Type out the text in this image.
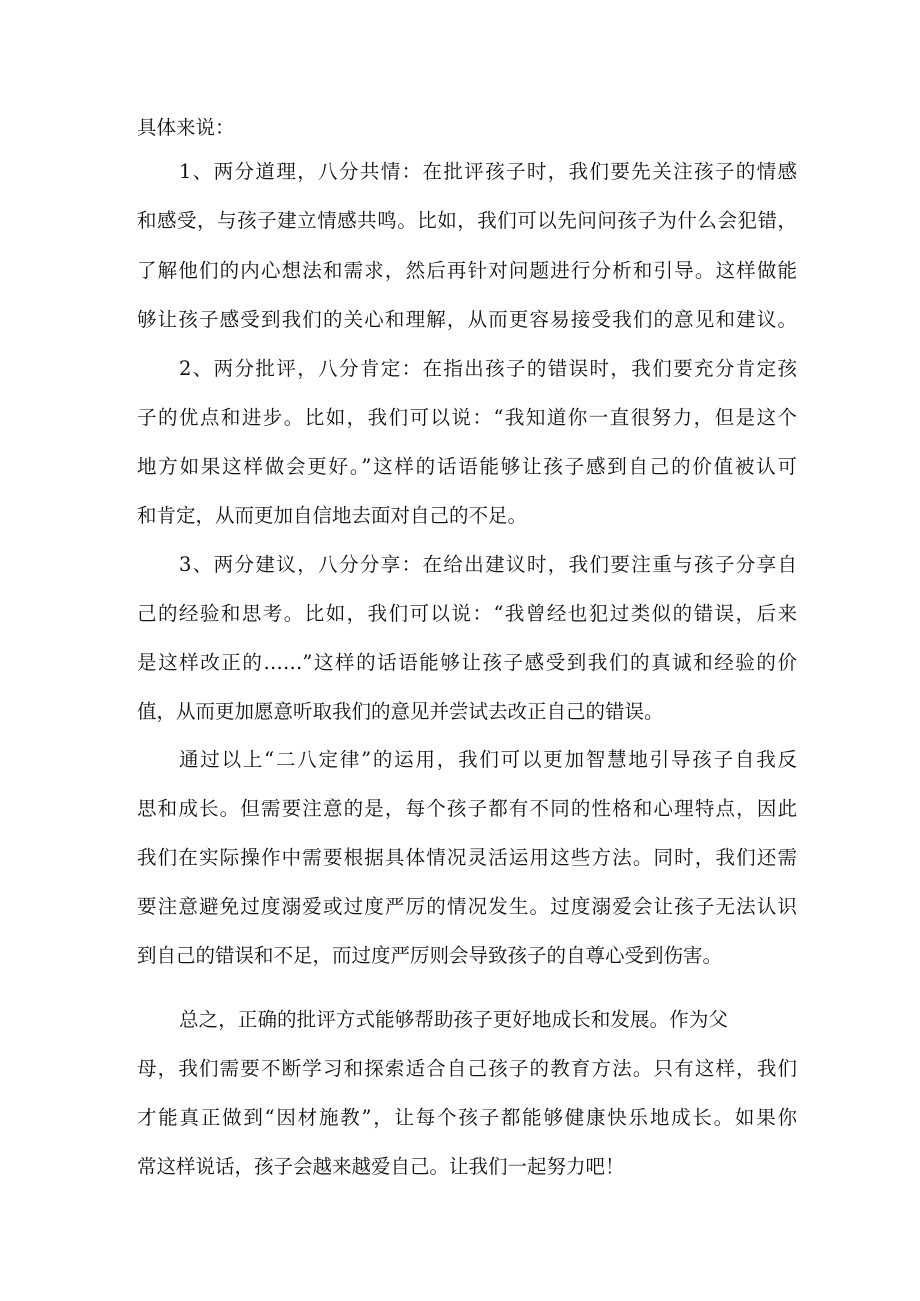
具体来说：
1、两分道理，八分共情：在批评孩子时，我们要先关注孩子的情感
和感受，与孩子建立情感共鸣。比如，我们可以先问问孩子为什么会犯错，
了解他们的内心想法和需求，然后再针对问题进行分析和引导。这样做能
够让孩子感受到我们的关心和理解，从而更容易接受我们的意见和建议。
2、两分批评，八分肯定：在指出孩子的错误时，我们要充分肯定孩
子的优点和进步。比如，我们可以说：“我知道你一直很努力，但是这个
地方如果这样做会更好。”这样的话语能够让孩子感到自己的价值被认可
和肯定，从而更加自信地去面对自己的不足。
3、两分建议，八分分享：在给出建议时，我们要注重与孩子分享自
己的经验和思考。比如，我们可以说：“我曾经也犯过类似的错误，后来
是这样改正的……”这样的话语能够让孩子感受到我们的真诚和经验的价
值，从而更加愿意听取我们的意见并尝试去改正自己的错误。
通过以上“二八定律”的运用，我们可以更加智慧地引导孩子自我反
思和成长。但需要注意的是，每个孩子都有不同的性格和心理特点，因此
我们在实际操作中需要根据具体情况灵活运用这些方法。同时，我们还需
要注意避免过度溺爱或过度严厉的情况发生。过度溺爱会让孩子无法认识
到自己的错误和不足，而过度严厉则会导致孩子的自尊心受到伤害。
总之，正确的批评方式能够帮助孩子更好地成长和发展。作为父
母，我们需要不断学习和探索适合自己孩子的教育方法。只有这样，我们
才能真正做到“因材施教”，让每个孩子都能够健康快乐地成长。如果你
常这样说话，孩子会越来越爱自己。让我们一起努力吧！
